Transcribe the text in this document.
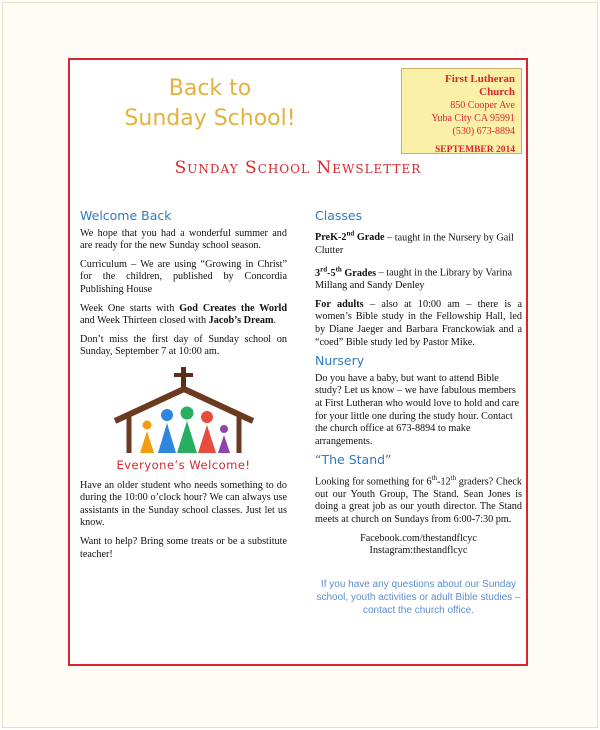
Back to
Sunday School!
First Lutheran Church
850 Cooper Ave
Yuba City CA 95991
(530) 673-8894
SEPTEMBER 2014
Sunday School Newsletter
Welcome Back

We hope that you had a wonderful summer and are ready for the new Sunday school season.

Curriculum – We are using “Growing in Christ” for the children, published by Concordia Publishing House

Week One starts with God Creates the World and Week Thirteen closed with Jacob’s Dream.

Don’t miss the first day of Sunday school on Sunday, September 7 at 10:00 am.

Everyone’s Welcome!

Have an older student who needs something to do during the 10:00 o’clock hour? We can always use assistants in the Sunday school classes. Just let us know.

Want to help? Bring some treats or be a substitute teacher!

Classes

PreK-2nd Grade – taught in the Nursery by Gail Clutter

3rd-5th Grades – taught in the Library by Varina Millang and Sandy Denley

For adults – also at 10:00 am – there is a women’s Bible study in the Fellowship Hall, led by Diane Jaeger and Barbara Franckowiak and a “coed” Bible study led by Pastor Mike.

Nursery

Do you have a baby, but want to attend Bible study? Let us know – we have fabulous members at First Lutheran who would love to hold and care for your little one during the study hour. Contact the church office at 673-8894 to make arrangements.

“The Stand”

Looking for something for 6th-12th graders? Check out our Youth Group, The Stand. Sean Jones is doing a great job as our youth director. The Stand meets at church on Sundays from 6:00-7:30 pm.

Facebook.com/thestandflcyc
Instagram:thestandflcyc
If you have any questions about our Sunday school, youth activities or adult Bible studies – contact the church office.
